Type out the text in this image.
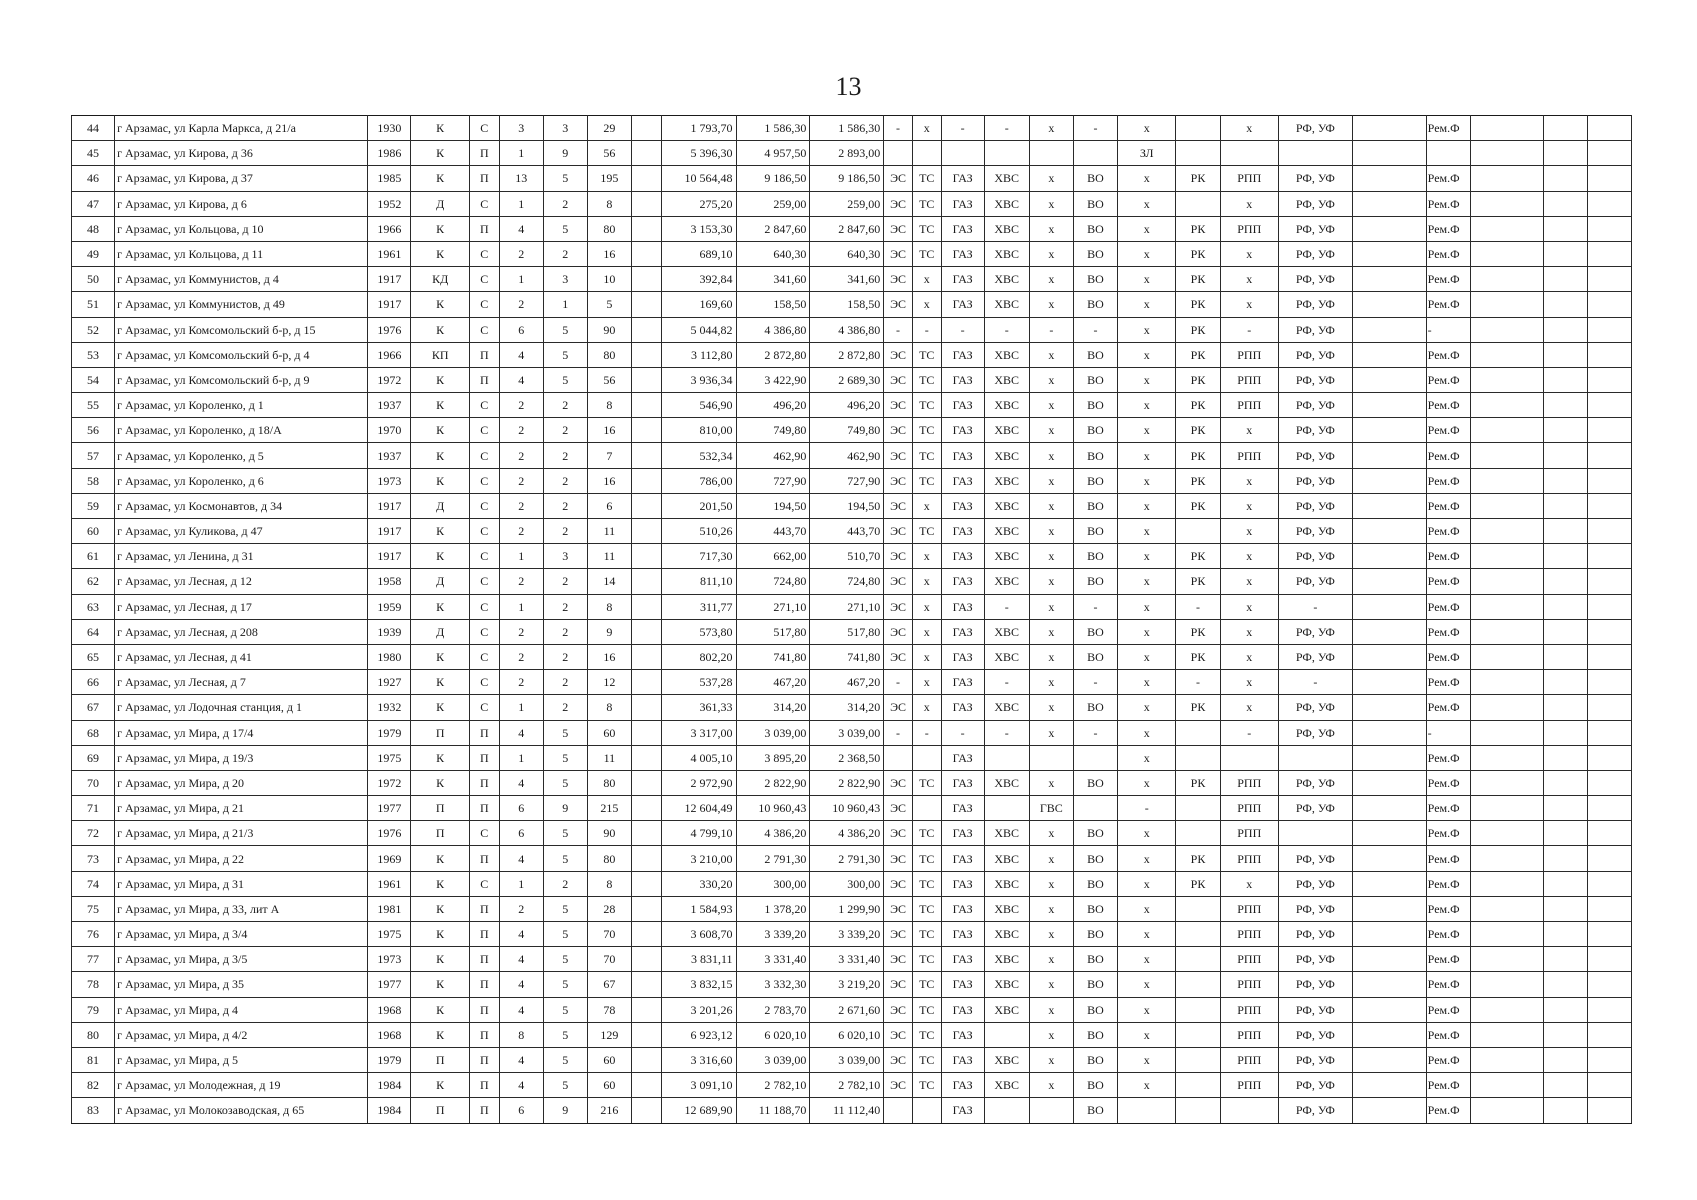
13
44	г Арзамас, ул Карла Маркса, д 21/а	1930	К	С	3	3	29		1 793,70	1 586,30	1 586,30	-	х	-	-	х	-	х		х	РФ, УФ		Рем.Ф			
45	г Арзамас, ул Кирова, д 36	1986	К	П	1	9	56		5 396,30	4 957,50	2 893,00							ЗЛ								
46	г Арзамас, ул Кирова, д 37	1985	К	П	13	5	195		10 564,48	9 186,50	9 186,50	ЭС	ТС	ГАЗ	ХВС	х	ВО	х	РК	РПП	РФ, УФ		Рем.Ф			
47	г Арзамас, ул Кирова, д 6	1952	Д	С	1	2	8		275,20	259,00	259,00	ЭС	ТС	ГАЗ	ХВС	х	ВО	х		х	РФ, УФ		Рем.Ф			
48	г Арзамас, ул Кольцова, д 10	1966	К	П	4	5	80		3 153,30	2 847,60	2 847,60	ЭС	ТС	ГАЗ	ХВС	х	ВО	х	РК	РПП	РФ, УФ		Рем.Ф			
49	г Арзамас, ул Кольцова, д 11	1961	К	С	2	2	16		689,10	640,30	640,30	ЭС	ТС	ГАЗ	ХВС	х	ВО	х	РК	х	РФ, УФ		Рем.Ф			
50	г Арзамас, ул Коммунистов, д 4	1917	КД	С	1	3	10		392,84	341,60	341,60	ЭС	х	ГАЗ	ХВС	х	ВО	х	РК	х	РФ, УФ		Рем.Ф			
51	г Арзамас, ул Коммунистов, д 49	1917	К	С	2	1	5		169,60	158,50	158,50	ЭС	х	ГАЗ	ХВС	х	ВО	х	РК	х	РФ, УФ		Рем.Ф			
52	г Арзамас, ул Комсомольский б-р, д 15	1976	К	С	6	5	90		5 044,82	4 386,80	4 386,80	-	-	-	-	-	-	х	РК	-	РФ, УФ		-			
53	г Арзамас, ул Комсомольский б-р, д 4	1966	КП	П	4	5	80		3 112,80	2 872,80	2 872,80	ЭС	ТС	ГАЗ	ХВС	х	ВО	х	РК	РПП	РФ, УФ		Рем.Ф			
54	г Арзамас, ул Комсомольский б-р, д 9	1972	К	П	4	5	56		3 936,34	3 422,90	2 689,30	ЭС	ТС	ГАЗ	ХВС	х	ВО	х	РК	РПП	РФ, УФ		Рем.Ф			
55	г Арзамас, ул Короленко, д 1	1937	К	С	2	2	8		546,90	496,20	496,20	ЭС	ТС	ГАЗ	ХВС	х	ВО	х	РК	РПП	РФ, УФ		Рем.Ф			
56	г Арзамас, ул Короленко, д 18/А	1970	К	С	2	2	16		810,00	749,80	749,80	ЭС	ТС	ГАЗ	ХВС	х	ВО	х	РК	х	РФ, УФ		Рем.Ф			
57	г Арзамас, ул Короленко, д 5	1937	К	С	2	2	7		532,34	462,90	462,90	ЭС	ТС	ГАЗ	ХВС	х	ВО	х	РК	РПП	РФ, УФ		Рем.Ф			
58	г Арзамас, ул Короленко, д 6	1973	К	С	2	2	16		786,00	727,90	727,90	ЭС	ТС	ГАЗ	ХВС	х	ВО	х	РК	х	РФ, УФ		Рем.Ф			
59	г Арзамас, ул Космонавтов, д 34	1917	Д	С	2	2	6		201,50	194,50	194,50	ЭС	х	ГАЗ	ХВС	х	ВО	х	РК	х	РФ, УФ		Рем.Ф			
60	г Арзамас, ул Куликова, д 47	1917	К	С	2	2	11		510,26	443,70	443,70	ЭС	ТС	ГАЗ	ХВС	х	ВО	х		х	РФ, УФ		Рем.Ф			
61	г Арзамас, ул Ленина, д 31	1917	К	С	1	3	11		717,30	662,00	510,70	ЭС	х	ГАЗ	ХВС	х	ВО	х	РК	х	РФ, УФ		Рем.Ф			
62	г Арзамас, ул Лесная, д 12	1958	Д	С	2	2	14		811,10	724,80	724,80	ЭС	х	ГАЗ	ХВС	х	ВО	х	РК	х	РФ, УФ		Рем.Ф			
63	г Арзамас, ул Лесная, д 17	1959	К	С	1	2	8		311,77	271,10	271,10	ЭС	х	ГАЗ	-	х	-	х	-	х	-		Рем.Ф			
64	г Арзамас, ул Лесная, д 208	1939	Д	С	2	2	9		573,80	517,80	517,80	ЭС	х	ГАЗ	ХВС	х	ВО	х	РК	х	РФ, УФ		Рем.Ф			
65	г Арзамас, ул Лесная, д 41	1980	К	С	2	2	16		802,20	741,80	741,80	ЭС	х	ГАЗ	ХВС	х	ВО	х	РК	х	РФ, УФ		Рем.Ф			
66	г Арзамас, ул Лесная, д 7	1927	К	С	2	2	12		537,28	467,20	467,20	-	х	ГАЗ	-	х	-	х	-	х	-		Рем.Ф			
67	г Арзамас, ул Лодочная станция, д 1	1932	К	С	1	2	8		361,33	314,20	314,20	ЭС	х	ГАЗ	ХВС	х	ВО	х	РК	х	РФ, УФ		Рем.Ф			
68	г Арзамас, ул Мира, д 17/4	1979	П	П	4	5	60		3 317,00	3 039,00	3 039,00	-	-	-	-	х	-	х		-	РФ, УФ		-			
69	г Арзамас, ул Мира, д 19/3	1975	К	П	1	5	11		4 005,10	3 895,20	2 368,50			ГАЗ				х					Рем.Ф			
70	г Арзамас, ул Мира, д 20	1972	К	П	4	5	80		2 972,90	2 822,90	2 822,90	ЭС	ТС	ГАЗ	ХВС	х	ВО	х	РК	РПП	РФ, УФ		Рем.Ф			
71	г Арзамас, ул Мира, д 21	1977	П	П	6	9	215		12 604,49	10 960,43	10 960,43	ЭС		ГАЗ		ГВС		-		РПП	РФ, УФ		Рем.Ф			
72	г Арзамас, ул Мира, д 21/3	1976	П	С	6	5	90		4 799,10	4 386,20	4 386,20	ЭС	ТС	ГАЗ	ХВС	х	ВО	х		РПП			Рем.Ф			
73	г Арзамас, ул Мира, д 22	1969	К	П	4	5	80		3 210,00	2 791,30	2 791,30	ЭС	ТС	ГАЗ	ХВС	х	ВО	х	РК	РПП	РФ, УФ		Рем.Ф			
74	г Арзамас, ул Мира, д 31	1961	К	С	1	2	8		330,20	300,00	300,00	ЭС	ТС	ГАЗ	ХВС	х	ВО	х	РК	х	РФ, УФ		Рем.Ф			
75	г Арзамас, ул Мира, д 33, лит А	1981	К	П	2	5	28		1 584,93	1 378,20	1 299,90	ЭС	ТС	ГАЗ	ХВС	х	ВО	х		РПП	РФ, УФ		Рем.Ф			
76	г Арзамас, ул Мира, д 3/4	1975	К	П	4	5	70		3 608,70	3 339,20	3 339,20	ЭС	ТС	ГАЗ	ХВС	х	ВО	х		РПП	РФ, УФ		Рем.Ф			
77	г Арзамас, ул Мира, д 3/5	1973	К	П	4	5	70		3 831,11	3 331,40	3 331,40	ЭС	ТС	ГАЗ	ХВС	х	ВО	х		РПП	РФ, УФ		Рем.Ф			
78	г Арзамас, ул Мира, д 35	1977	К	П	4	5	67		3 832,15	3 332,30	3 219,20	ЭС	ТС	ГАЗ	ХВС	х	ВО	х		РПП	РФ, УФ		Рем.Ф			
79	г Арзамас, ул Мира, д 4	1968	К	П	4	5	78		3 201,26	2 783,70	2 671,60	ЭС	ТС	ГАЗ	ХВС	х	ВО	х		РПП	РФ, УФ		Рем.Ф			
80	г Арзамас, ул Мира, д 4/2	1968	К	П	8	5	129		6 923,12	6 020,10	6 020,10	ЭС	ТС	ГАЗ		х	ВО	х		РПП	РФ, УФ		Рем.Ф			
81	г Арзамас, ул Мира, д 5	1979	П	П	4	5	60		3 316,60	3 039,00	3 039,00	ЭС	ТС	ГАЗ	ХВС	х	ВО	х		РПП	РФ, УФ		Рем.Ф			
82	г Арзамас, ул Молодежная, д 19	1984	К	П	4	5	60		3 091,10	2 782,10	2 782,10	ЭС	ТС	ГАЗ	ХВС	х	ВО	х		РПП	РФ, УФ		Рем.Ф			
83	г Арзамас, ул Молокозаводская, д 65	1984	П	П	6	9	216		12 689,90	11 188,70	11 112,40			ГАЗ			ВО				РФ, УФ		Рем.Ф			
